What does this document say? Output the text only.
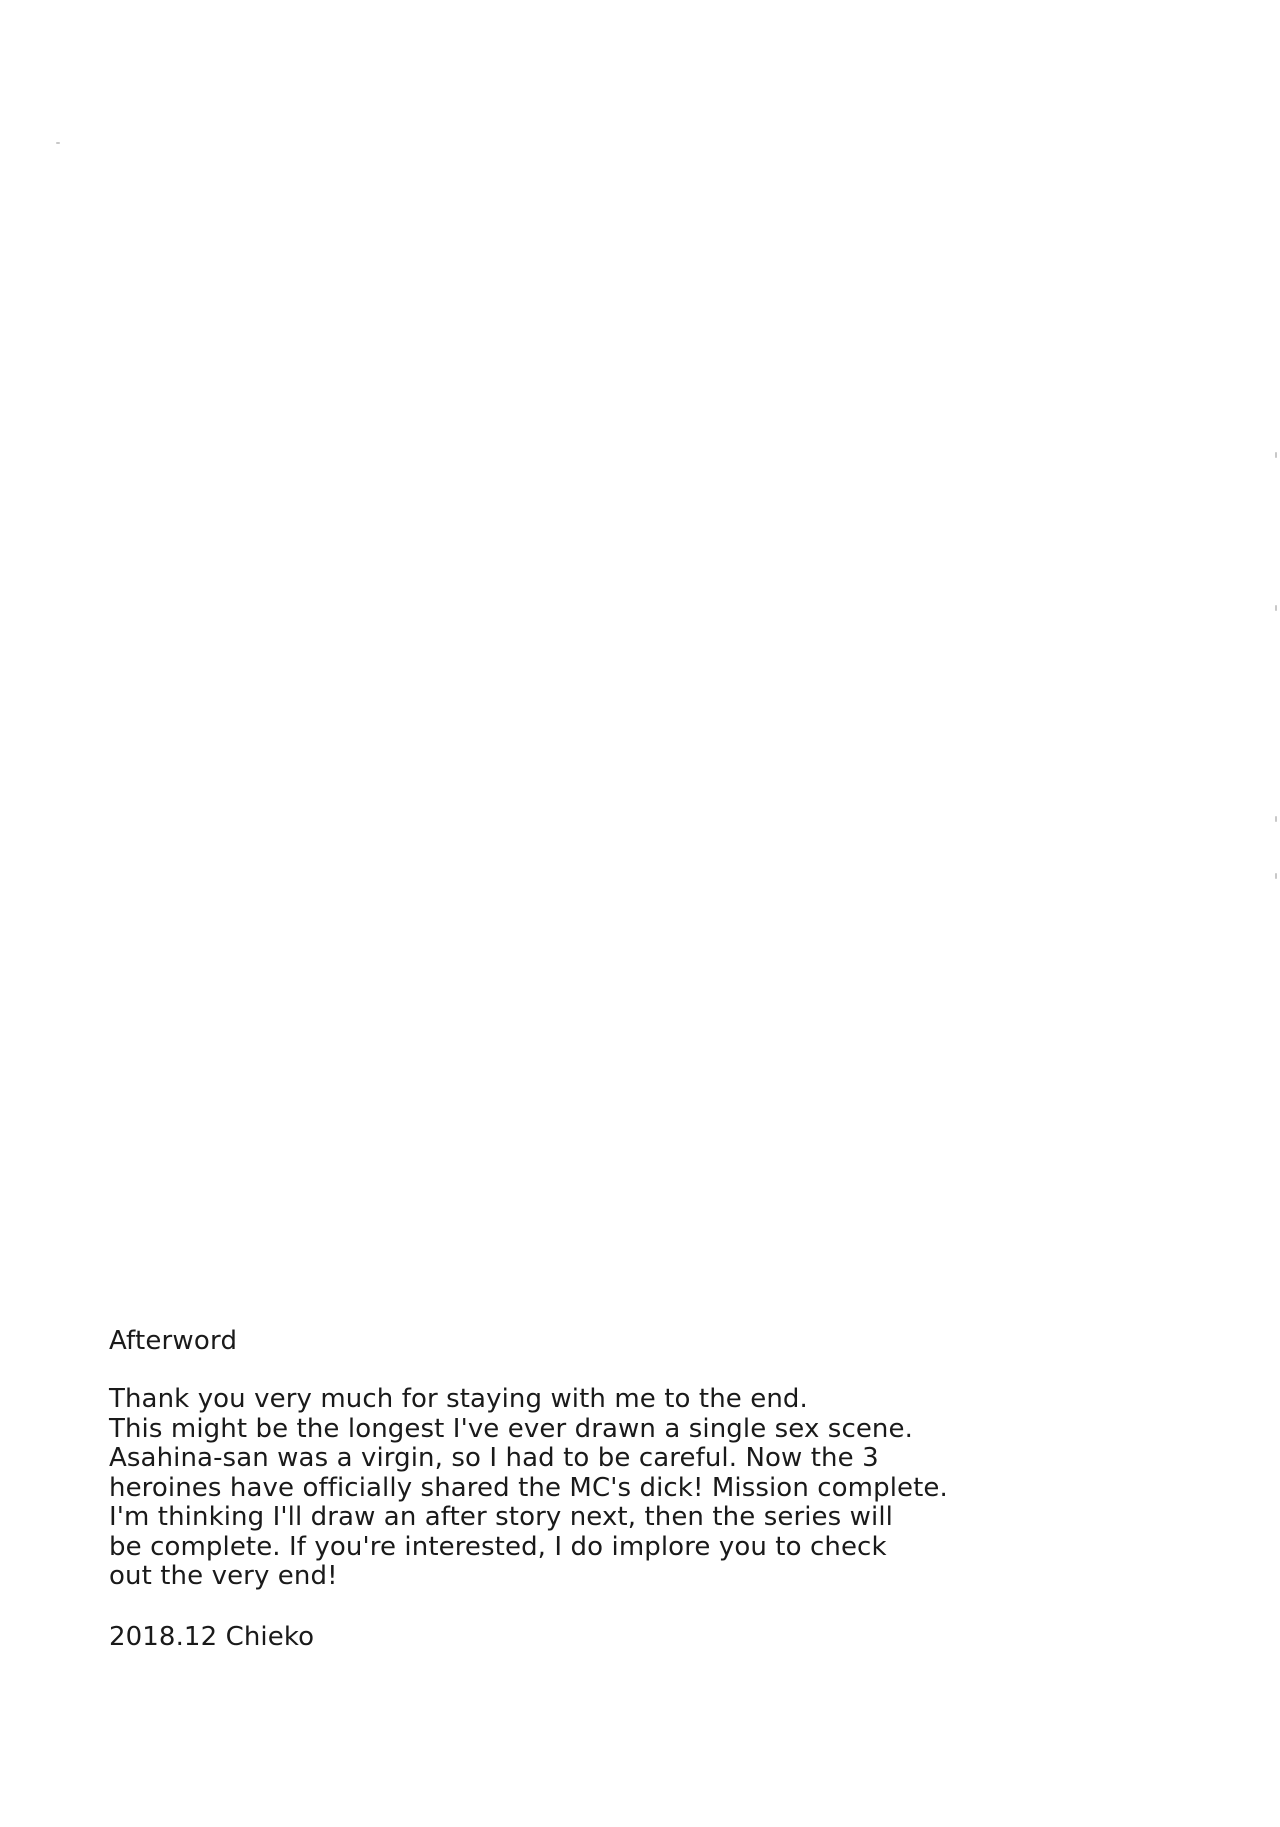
Afterword
Thank you very much for staying with me to the end.
This might be the longest I've ever drawn a single sex scene.
Asahina-san was a virgin, so I had to be careful. Now the 3
heroines have officially shared the MC's dick! Mission complete.
I'm thinking I'll draw an after story next, then the series will
be complete. If you're interested, I do implore you to check
out the very end!
2018.12 Chieko
